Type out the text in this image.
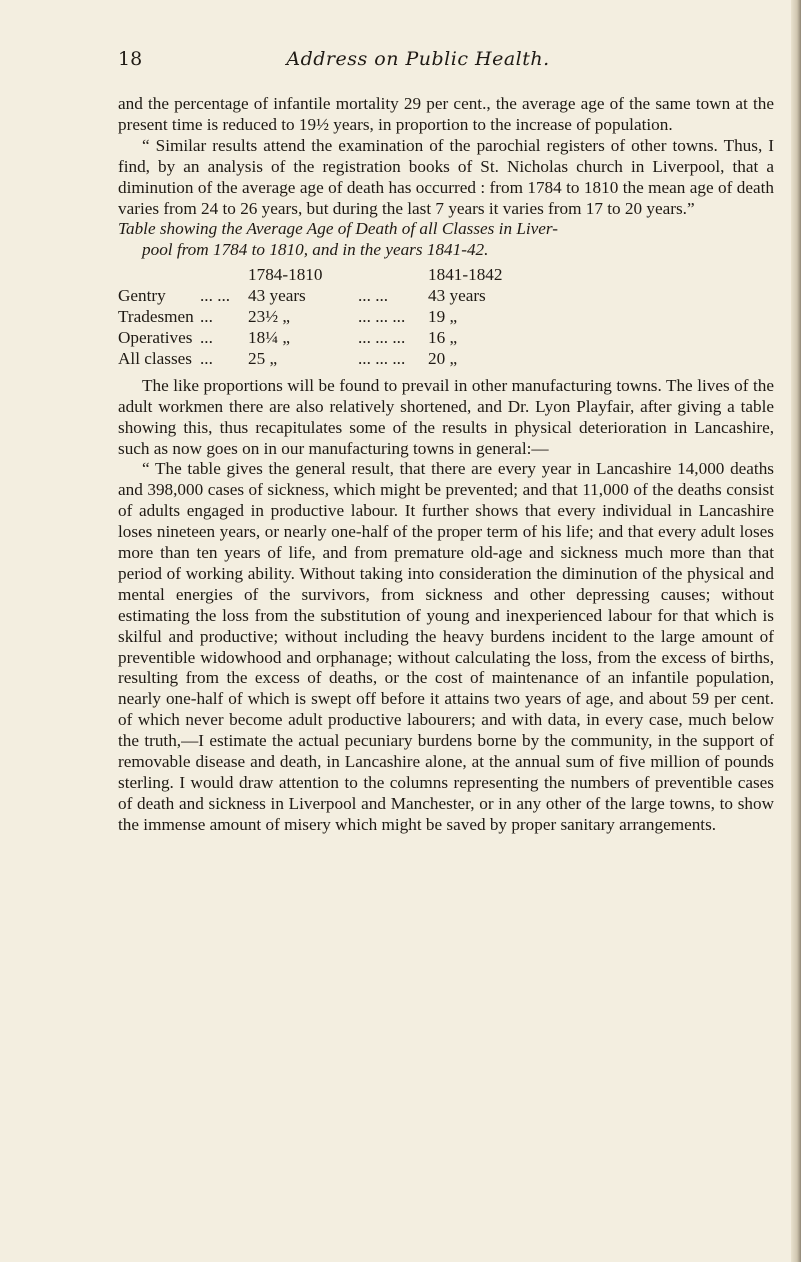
18	Address on Public Health.

and the percentage of infantile mortality 29 per cent., the average age of the same town at the present time is reduced to 19½ years, in proportion to the increase of population.

“ Similar results attend the examination of the parochial registers of other towns. Thus, I find, by an analysis of the registration books of St. Nicholas church in Liverpool, that a diminution of the average age of death has occurred : from 1784 to 1810 the mean age of death varies from 24 to 26 years, but during the last 7 years it varies from 17 to 20 years.”

Table showing the Average Age of Death of all Classes in Liver-
pool from 1784 to 1810, and in the years 1841-42.

		1784-1810		1841-1842
Gentry	... ...	43 years	... ...	43 years
Tradesmen	...	23½ „	... ... ...	19 „
Operatives	...	18¼ „	... ... ...	16 „
All classes	...	25 „	... ... ...	20 „

The like proportions will be found to prevail in other manufacturing towns. The lives of the adult workmen there are also relatively shortened, and Dr. Lyon Playfair, after giving a table showing this, thus recapitulates some of the results in physical deterioration in Lancashire, such as now goes on in our manufacturing towns in general:—

“ The table gives the general result, that there are every year in Lancashire 14,000 deaths and 398,000 cases of sickness, which might be prevented; and that 11,000 of the deaths consist of adults engaged in productive labour. It further shows that every individual in Lancashire loses nineteen years, or nearly one-half of the proper term of his life; and that every adult loses more than ten years of life, and from premature old-age and sickness much more than that period of working ability. Without taking into consideration the diminution of the physical and mental energies of the survivors, from sickness and other depressing causes; without estimating the loss from the substitution of young and inexperienced labour for that which is skilful and productive; without including the heavy burdens incident to the large amount of preventible widowhood and orphanage; without calculating the loss, from the excess of births, resulting from the excess of deaths, or the cost of maintenance of an infantile population, nearly one-half of which is swept off before it attains two years of age, and about 59 per cent. of which never become adult productive labourers; and with data, in every case, much below the truth,—I estimate the actual pecuniary burdens borne by the community, in the support of removable disease and death, in Lancashire alone, at the annual sum of five million of pounds sterling. I would draw attention to the columns representing the numbers of preventible cases of death and sickness in Liverpool and Manchester, or in any other of the large towns, to show the immense amount of misery which might be saved by proper sanitary arrangements.
